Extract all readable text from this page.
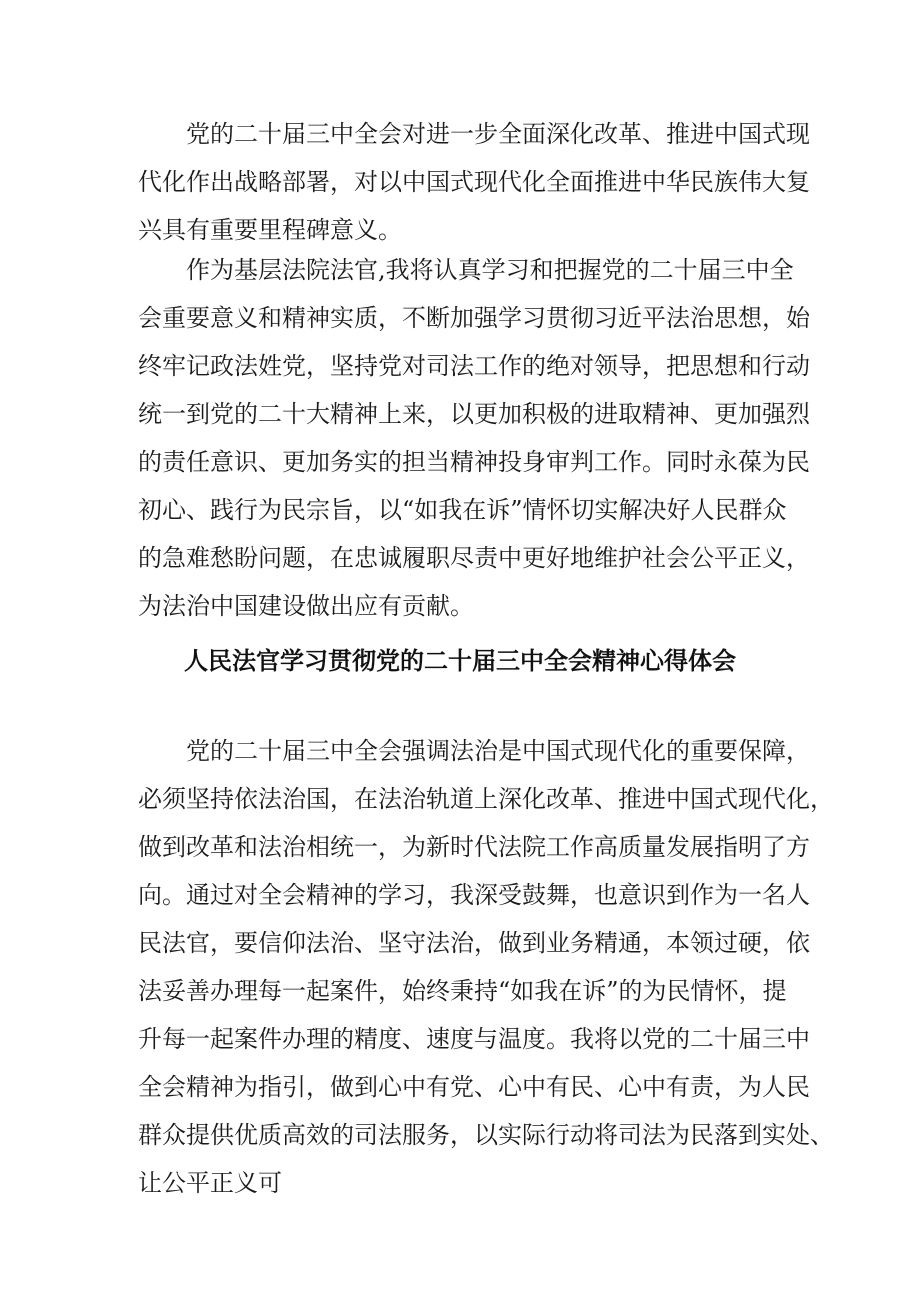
党的二十届三中全会对进一步全面深化改革、推进中国式现
代化作出战略部署，对以中国式现代化全面推进中华民族伟大复
兴具有重要里程碑意义。
作为基层法院法官,我将认真学习和把握党的二十届三中全
会重要意义和精神实质，不断加强学习贯彻习近平法治思想，始
终牢记政法姓党，坚持党对司法工作的绝对领导，把思想和行动
统一到党的二十大精神上来，以更加积极的进取精神、更加强烈
的责任意识、更加务实的担当精神投身审判工作。同时永葆为民
初心、践行为民宗旨，以“如我在诉”情怀切实解决好人民群众
的急难愁盼问题，在忠诚履职尽责中更好地维护社会公平正义，
为法治中国建设做出应有贡献。
人民法官学习贯彻党的二十届三中全会精神心得体会
党的二十届三中全会强调法治是中国式现代化的重要保障，
必须坚持依法治国，在法治轨道上深化改革、推进中国式现代化，
做到改革和法治相统一，为新时代法院工作高质量发展指明了方
向。通过对全会精神的学习，我深受鼓舞，也意识到作为一名人
民法官，要信仰法治、坚守法治，做到业务精通，本领过硬，依
法妥善办理每一起案件，始终秉持“如我在诉”的为民情怀，提
升每一起案件办理的精度、速度与温度。我将以党的二十届三中
全会精神为指引，做到心中有党、心中有民、心中有责，为人民
群众提供优质高效的司法服务，以实际行动将司法为民落到实处、
让公平正义可
